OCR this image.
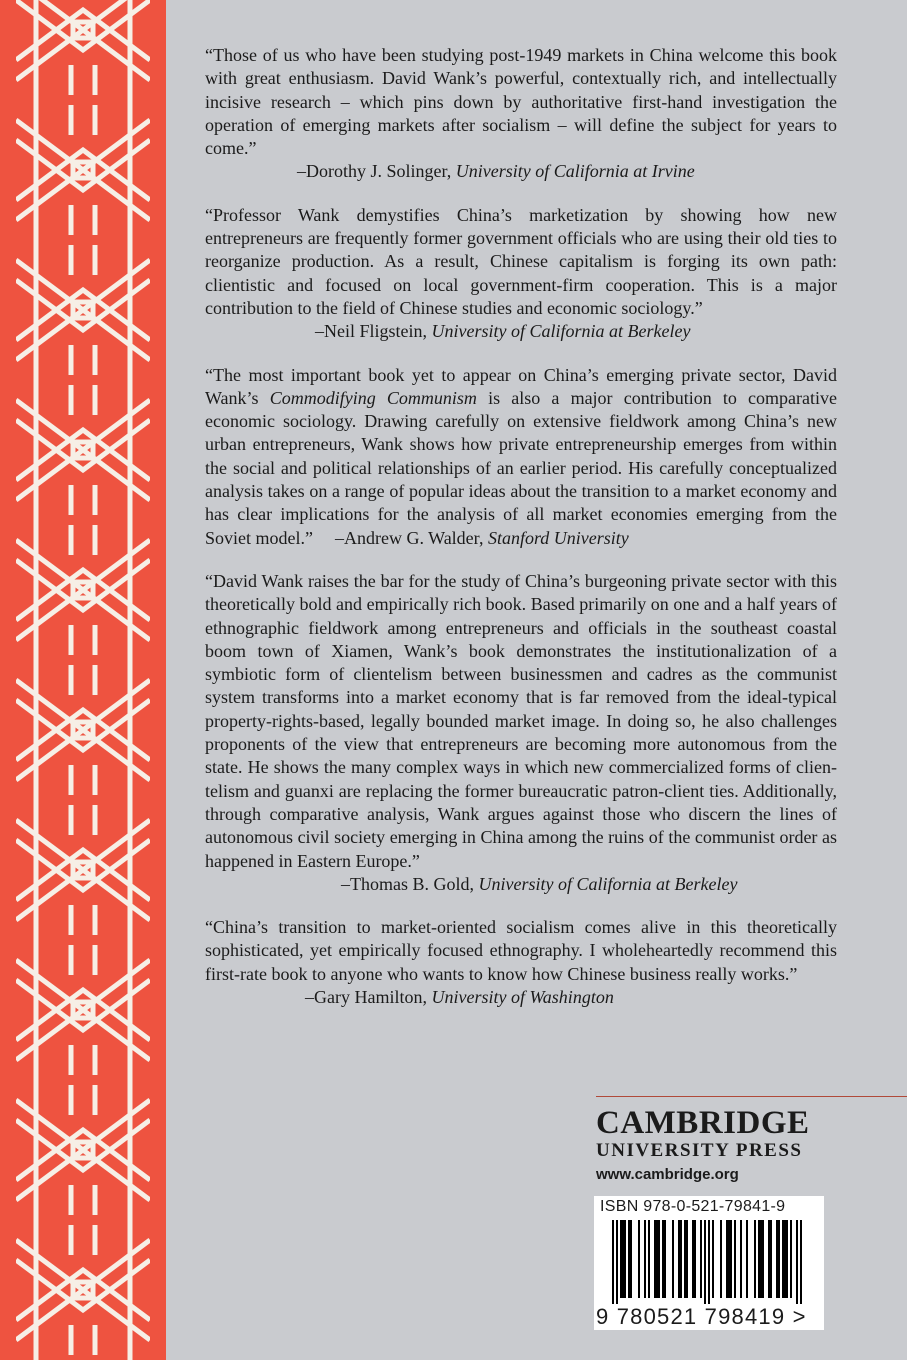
“Those of us who have been studying post-1949 markets in China welcome this book with great enthusiasm. David Wank’s powerful, contextually rich, and intellectually incisive research – which pins down by authoritative first-hand investigation the operation of emerging markets after socialism – will define the subject for years to come.”
–Dorothy J. Solinger, University of California at Irvine
“Professor Wank demystifies China’s marketization by showing how new entrepreneurs are frequently former government officials who are using their old ties to reorganize production. As a result, Chinese capitalism is forging its own path: clientistic and focused on local government-firm cooperation. This is a major contribution to the field of Chinese studies and economic sociology.”
–Neil Fligstein, University of California at Berkeley
“The most important book yet to appear on China’s emerging private sector, David Wank’s Commodifying Communism is also a major contribution to comparative economic sociology. Drawing carefully on extensive fieldwork among China’s new urban entrepreneurs, Wank shows how private entrepreneurship emerges from within the social and political relationships of an earlier period. His carefully conceptualized analysis takes on a range of popular ideas about the transition to a market economy and has clear implications for the analysis of all market economies emerging from the Soviet model.” –Andrew G. Walder, Stanford University
“David Wank raises the bar for the study of China’s burgeoning private sector with this theoretically bold and empirically rich book. Based primarily on one and a half years of ethnographic fieldwork among entrepreneurs and officials in the southeast coastal boom town of Xiamen, Wank’s book demonstrates the institutionalization of a symbiotic form of clientelism between businessmen and cadres as the communist system transforms into a market economy that is far removed from the ideal-typical property-rights-based, legally bounded market image. In doing so, he also challenges proponents of the view that entrepreneurs are becoming more autonomous from the state. He shows the many complex ways in which new commercialized forms of clientelism and guanxi are replacing the former bureaucratic patron-client ties. Additionally, through comparative analysis, Wank argues against those who discern the lines of autonomous civil society emerging in China among the ruins of the communist order as happened in Eastern Europe.”
–Thomas B. Gold, University of California at Berkeley
“China’s transition to market-oriented socialism comes alive in this theoretically sophisticated, yet empirically focused ethnography. I wholeheartedly recommend this first-rate book to anyone who wants to know how Chinese business really works.”
–Gary Hamilton, University of Washington
CAMBRIDGE
UNIVERSITY PRESS
www.cambridge.org
ISBN 978-0-521-79841-9
9 780521 798419 >
